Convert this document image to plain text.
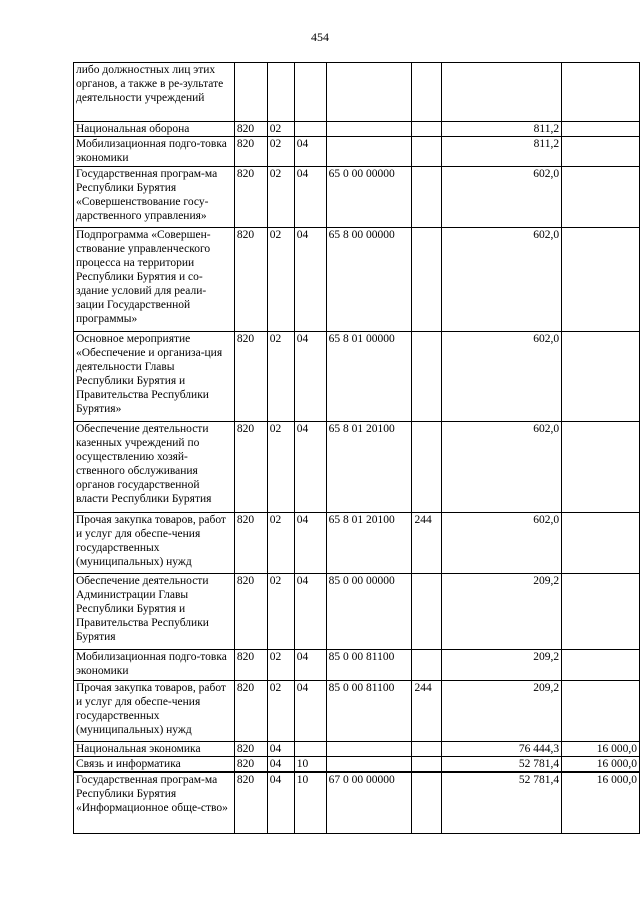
454
либо должностных лиц этих органов, а также в ре-зультате деятельности учреждений							
Национальная оборона	820	02				811,2	
Мобилизационная подго-товка экономики	820	02	04			811,2	
Государственная програм-ма Республики Бурятия «Совершенствование госу-дарственного управления»	820	02	04	65 0 00 00000		602,0	
Подпрограмма «Совершен-ствование управленческого процесса на территории Республики Бурятия и со-здание условий для реали-зации Государственной программы»	820	02	04	65 8 00 00000		602,0	
Основное мероприятие «Обеспечение и организа-ция деятельности Главы Республики Бурятия и Правительства Республики Бурятия»	820	02	04	65 8 01 00000		602,0	
Обеспечение деятельности казенных учреждений по осуществлению хозяй-ственного обслуживания органов государственной власти Республики Бурятия	820	02	04	65 8 01 20100		602,0	
Прочая закупка товаров, работ и услуг для обеспе-чения государственных (муниципальных) нужд	820	02	04	65 8 01 20100	244	602,0	
Обеспечение деятельности Администрации Главы Республики Бурятия и Правительства Республики Бурятия	820	02	04	85 0 00 00000		209,2	
Мобилизационная подго-товка экономики	820	02	04	85 0 00 81100		209,2	
Прочая закупка товаров, работ и услуг для обеспе-чения государственных (муниципальных) нужд	820	02	04	85 0 00 81100	244	209,2	
Национальная экономика	820	04				76 444,3	16 000,0
Связь и информатика	820	04	10			52 781,4	16 000,0
Государственная програм-ма Республики Бурятия «Информационное обще-ство»	820	04	10	67 0 00 00000		52 781,4	16 000,0
